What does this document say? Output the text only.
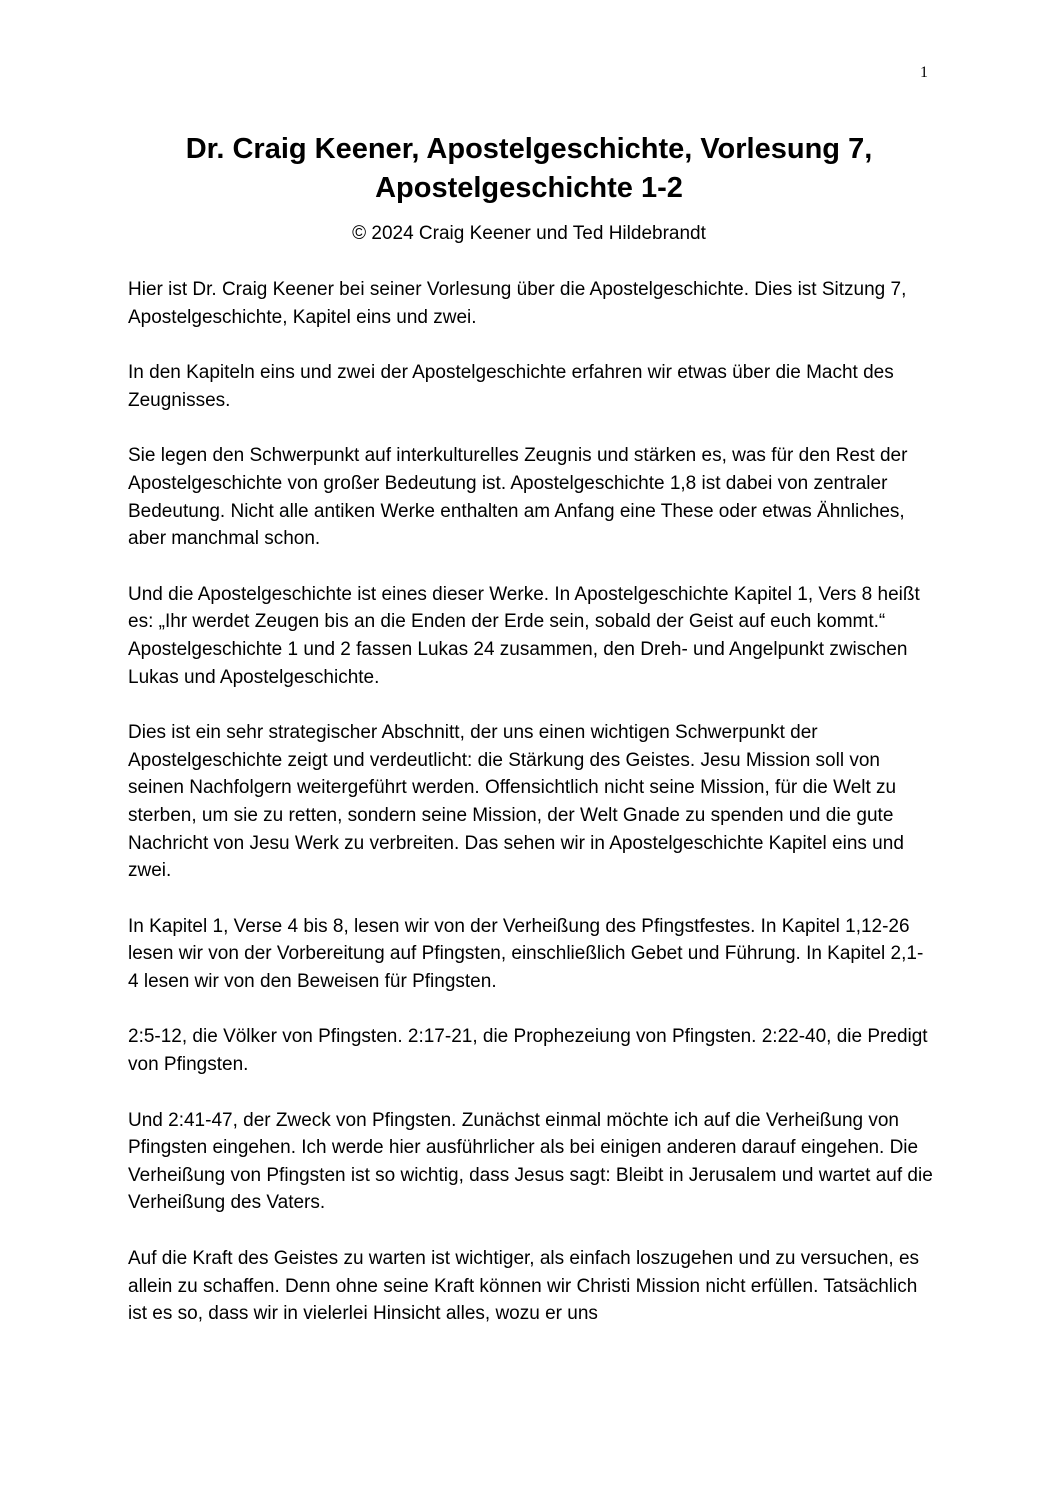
1
Dr. Craig Keener, Apostelgeschichte, Vorlesung 7,
Apostelgeschichte 1-2
© 2024 Craig Keener und Ted Hildebrandt

Hier ist Dr. Craig Keener bei seiner Vorlesung über die Apostelgeschichte. Dies ist Sitzung 7, Apostelgeschichte, Kapitel eins und zwei.

In den Kapiteln eins und zwei der Apostelgeschichte erfahren wir etwas über die Macht des Zeugnisses.

Sie legen den Schwerpunkt auf interkulturelles Zeugnis und stärken es, was für den Rest der Apostelgeschichte von großer Bedeutung ist. Apostelgeschichte 1,8 ist dabei von zentraler Bedeutung. Nicht alle antiken Werke enthalten am Anfang eine These oder etwas Ähnliches, aber manchmal schon.

Und die Apostelgeschichte ist eines dieser Werke. In Apostelgeschichte Kapitel 1, Vers 8 heißt es: „Ihr werdet Zeugen bis an die Enden der Erde sein, sobald der Geist auf euch kommt.“ Apostelgeschichte 1 und 2 fassen Lukas 24 zusammen, den Dreh- und Angelpunkt zwischen Lukas und Apostelgeschichte.

Dies ist ein sehr strategischer Abschnitt, der uns einen wichtigen Schwerpunkt der Apostelgeschichte zeigt und verdeutlicht: die Stärkung des Geistes. Jesu Mission soll von seinen Nachfolgern weitergeführt werden. Offensichtlich nicht seine Mission, für die Welt zu sterben, um sie zu retten, sondern seine Mission, der Welt Gnade zu spenden und die gute Nachricht von Jesu Werk zu verbreiten. Das sehen wir in Apostelgeschichte Kapitel eins und zwei.

In Kapitel 1, Verse 4 bis 8, lesen wir von der Verheißung des Pfingstfestes. In Kapitel 1,12-26 lesen wir von der Vorbereitung auf Pfingsten, einschließlich Gebet und Führung. In Kapitel 2,1-4 lesen wir von den Beweisen für Pfingsten.

2:5-12, die Völker von Pfingsten. 2:17-21, die Prophezeiung von Pfingsten. 2:22-40, die Predigt von Pfingsten.

Und 2:41-47, der Zweck von Pfingsten. Zunächst einmal möchte ich auf die Verheißung von Pfingsten eingehen. Ich werde hier ausführlicher als bei einigen anderen darauf eingehen. Die Verheißung von Pfingsten ist so wichtig, dass Jesus sagt: Bleibt in Jerusalem und wartet auf die Verheißung des Vaters.

Auf die Kraft des Geistes zu warten ist wichtiger, als einfach loszugehen und zu versuchen, es allein zu schaffen. Denn ohne seine Kraft können wir Christi Mission nicht erfüllen. Tatsächlich ist es so, dass wir in vielerlei Hinsicht alles, wozu er uns
